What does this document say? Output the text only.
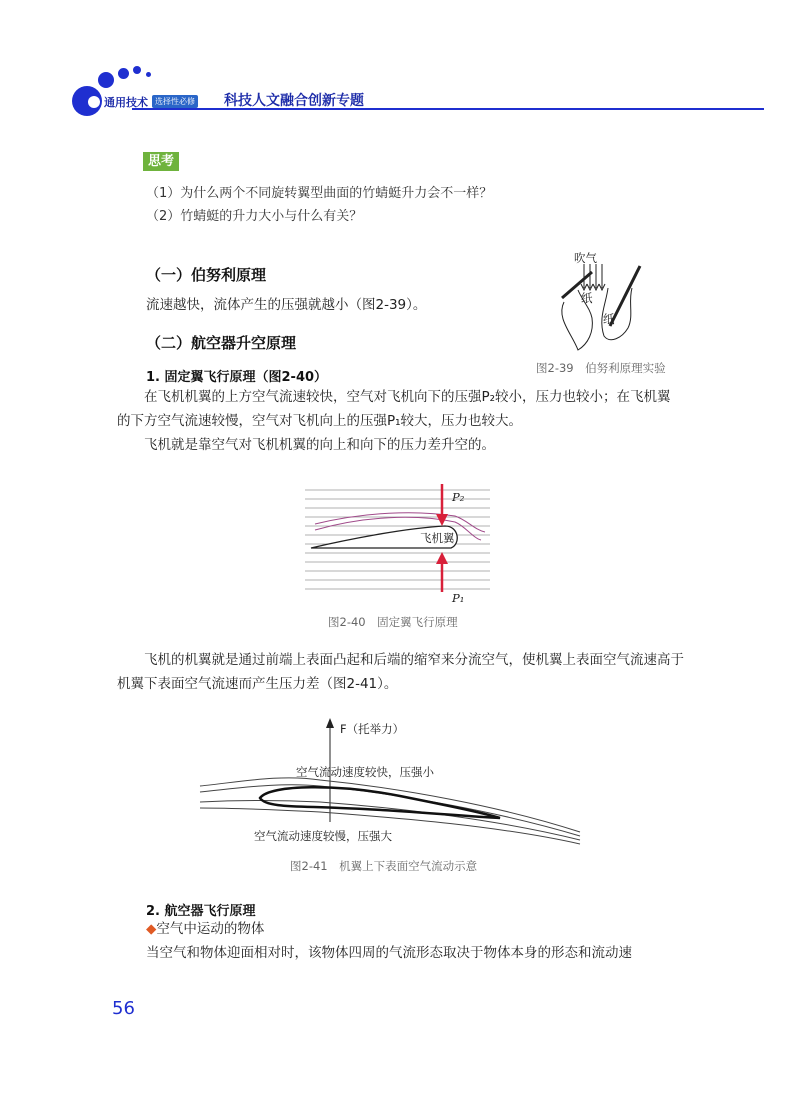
通用技术 选择性必修 科技人文融合创新专题
思考
（1）为什么两个不同旋转翼型曲面的竹蜻蜓升力会不一样？
（2）竹蜻蜓的升力大小与什么有关？
（一）伯努利原理
流速越快，流体产生的压强就越小（图2-39）。
吹气
纸
纸
图2-39　伯努利原理实验
（二）航空器升空原理
1. 固定翼飞行原理（图2-40）
在飞机机翼的上方空气流速较快，空气对飞机向下的压强P₂较小，压力也较小；在飞机翼的下方空气流速较慢，空气对飞机向上的压强P₁较大，压力也较大。
飞机就是靠空气对飞机机翼的向上和向下的压力差升空的。
P₂
飞机翼
P₁
图2-40　固定翼飞行原理
飞机的机翼就是通过前端上表面凸起和后端的缩窄来分流空气，使机翼上表面空气流速高于机翼下表面空气流速而产生压力差（图2-41）。
F（托举力）
空气流动速度较快，压强小
空气流动速度较慢，压强大
图2-41　机翼上下表面空气流动示意
2. 航空器飞行原理
◆空气中运动的物体
当空气和物体迎面相对时，该物体四周的气流形态取决于物体本身的形态和流动速
56
